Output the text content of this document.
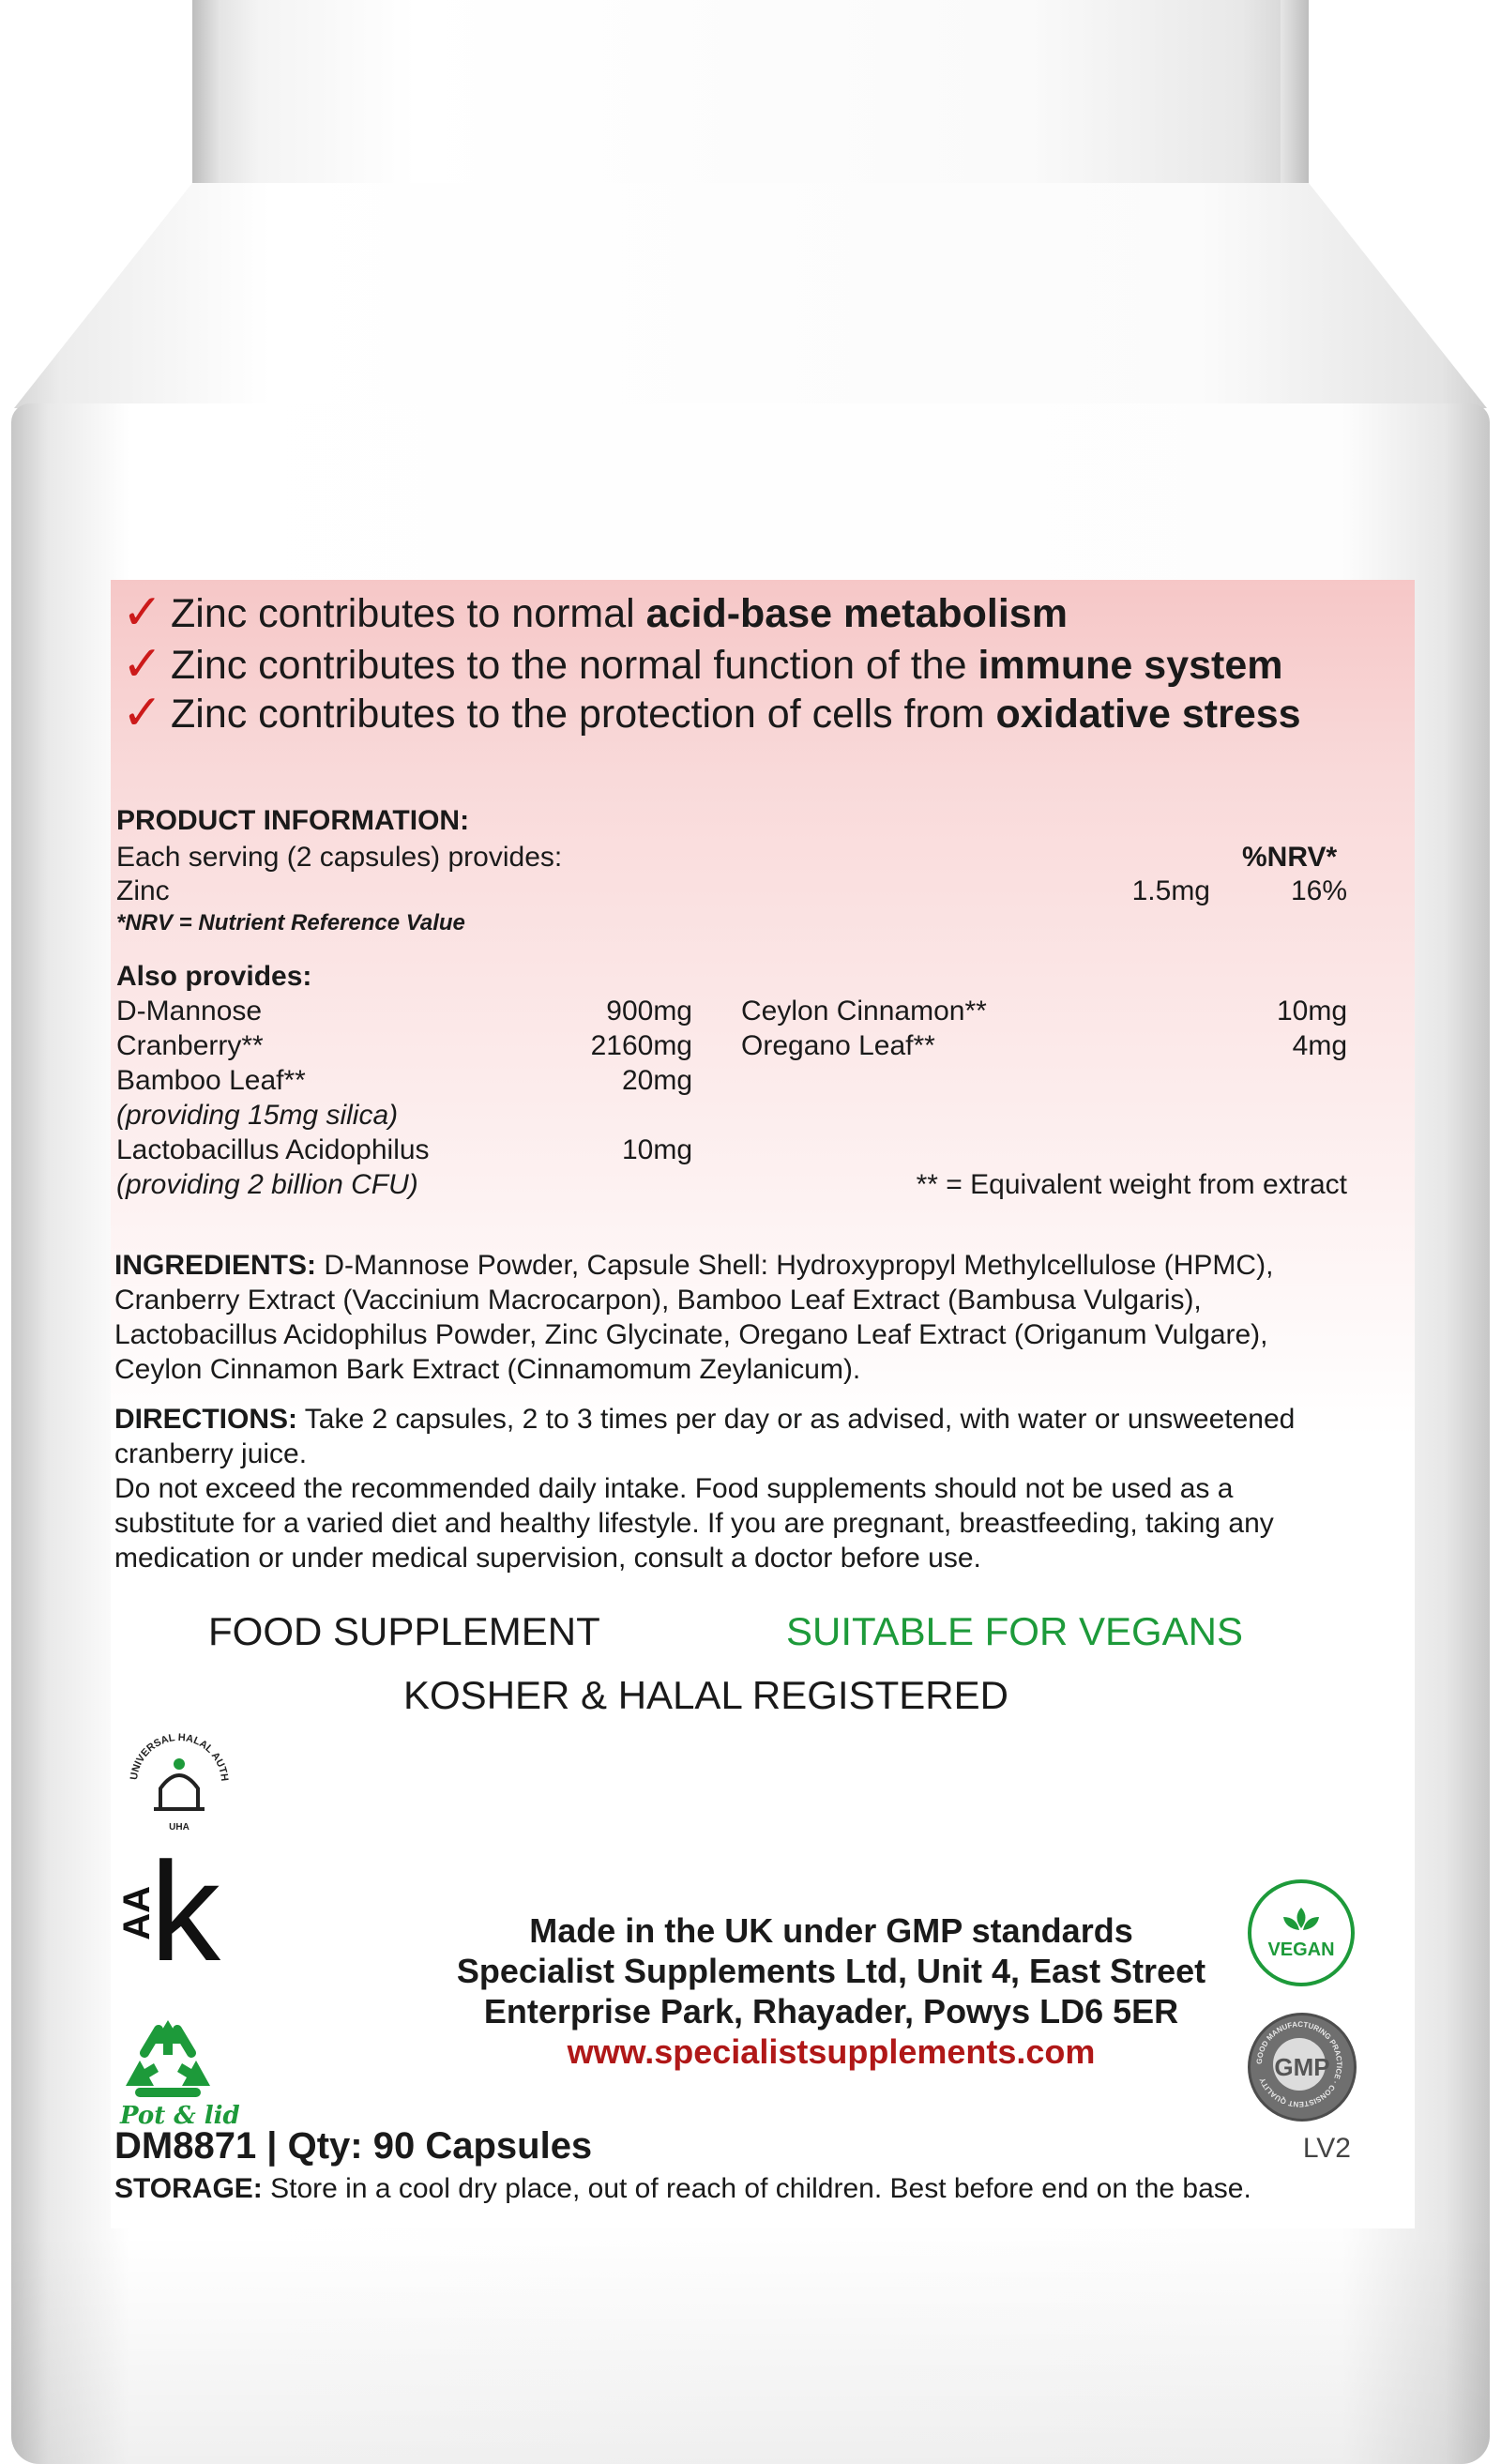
✓ Zinc contributes to normal acid-base metabolism
✓ Zinc contributes to the normal function of the immune system
✓ Zinc contributes to the protection of cells from oxidative stress
PRODUCT INFORMATION:
Each serving (2 capsules) provides:	%NRV*
Zinc	1.5mg	16%
*NRV = Nutrient Reference Value
Also provides:
D-Mannose	900mg
Cranberry**	2160mg
Bamboo Leaf**	20mg
(providing 15mg silica)
Lactobacillus Acidophilus	10mg
(providing 2 billion CFU)
Ceylon Cinnamon**	10mg
Oregano Leaf**	4mg
** = Equivalent weight from extract
INGREDIENTS: D-Mannose Powder, Capsule Shell: Hydroxypropyl Methylcellulose (HPMC), Cranberry Extract (Vaccinium Macrocarpon), Bamboo Leaf Extract (Bambusa Vulgaris), Lactobacillus Acidophilus Powder, Zinc Glycinate, Oregano Leaf Extract (Origanum Vulgare), Ceylon Cinnamon Bark Extract (Cinnamomum Zeylanicum).
DIRECTIONS: Take 2 capsules, 2 to 3 times per day or as advised, with water or unsweetened cranberry juice.
Do not exceed the recommended daily intake. Food supplements should not be used as a substitute for a varied diet and healthy lifestyle. If you are pregnant, breastfeeding, taking any medication or under medical supervision, consult a doctor before use.
FOOD SUPPLEMENT	SUITABLE FOR VEGANS
KOSHER & HALAL REGISTERED
UNIVERSAL HALAL AUTH
UHA
AA
k
Pot & lid
Made in the UK under GMP standards
Specialist Supplements Ltd, Unit 4, East Street
Enterprise Park, Rhayader, Powys LD6 5ER
www.specialistsupplements.com
VEGAN
GOOD MANUFACTURING PRACTICE · CONSISTENT QUALITY GMP
DM8871 | Qty: 90 Capsules	LV2
STORAGE: Store in a cool dry place, out of reach of children. Best before end on the base.
